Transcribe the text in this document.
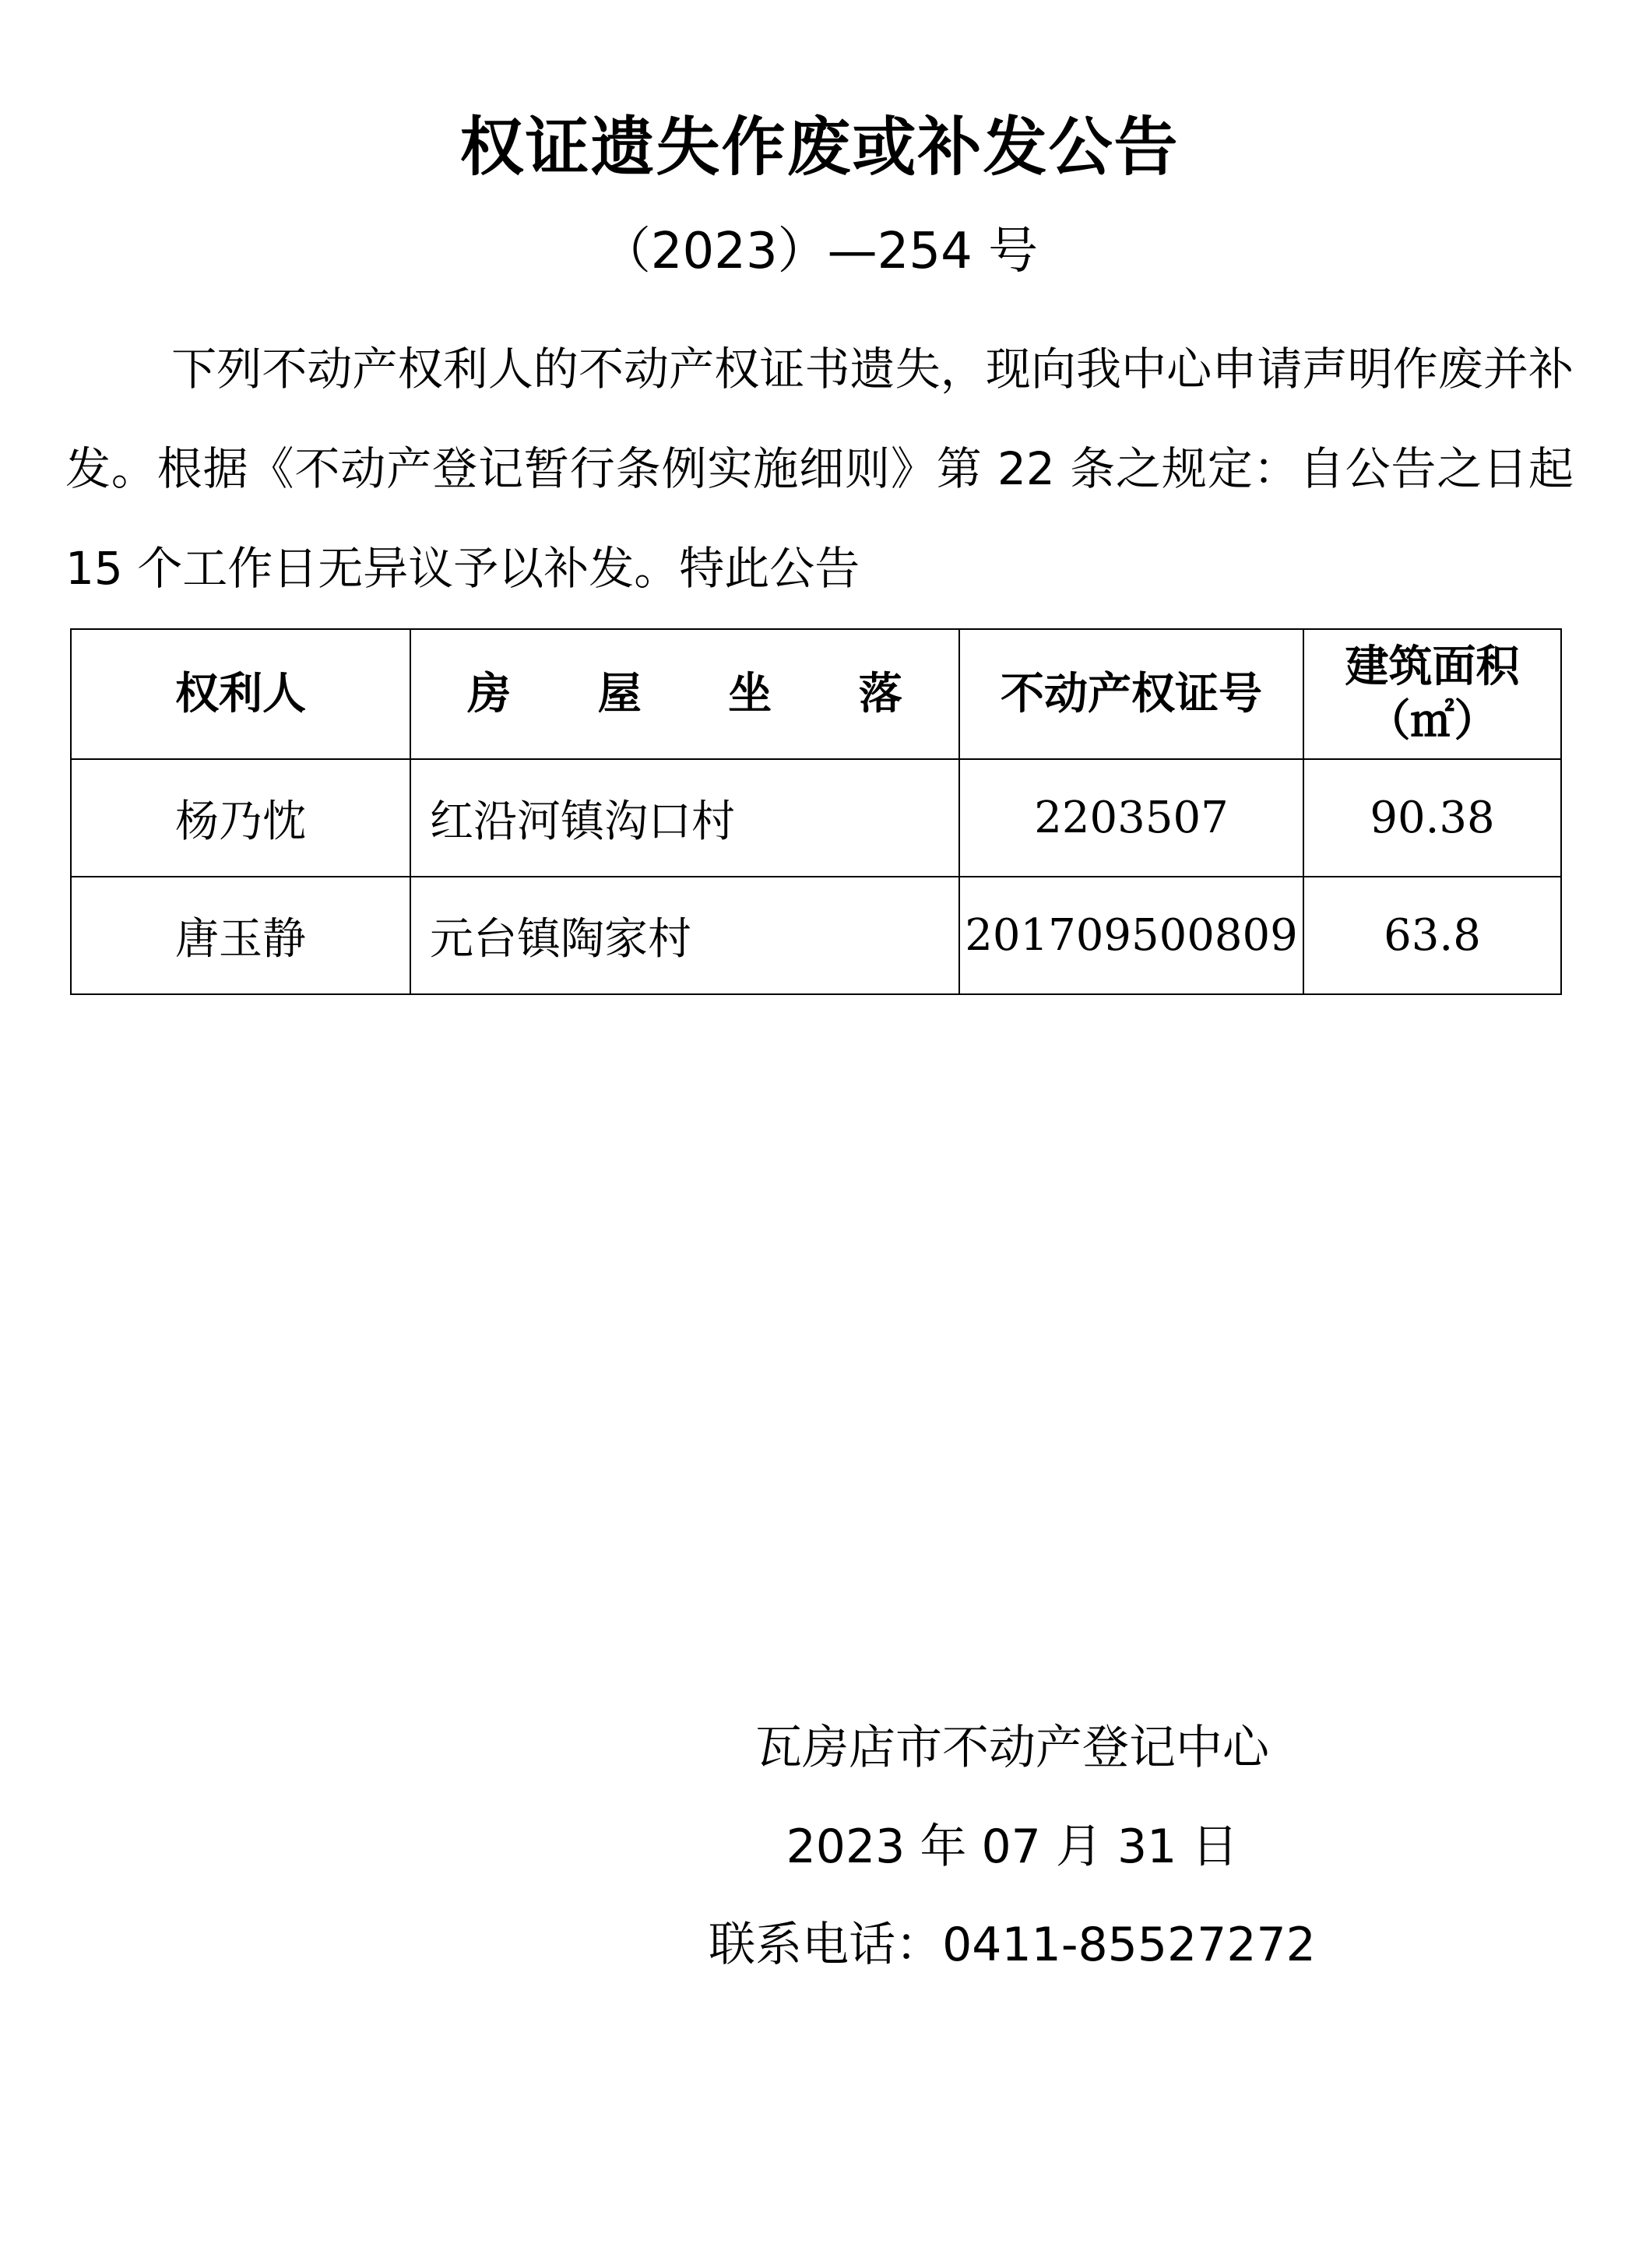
权证遗失作废或补发公告
（2023）—254 号
下列不动产权利人的不动产权证书遗失，现向我中心申请声明作废并补发。根据《不动产登记暂行条例实施细则》第 22 条之规定：自公告之日起 15 个工作日无异议予以补发。特此公告
权利人	房 屋 坐 落	不动产权证号	建筑面积
（㎡）

杨乃忱	红沿河镇沟口村	2203507	90.38
唐玉静	元台镇陶家村	201709500809	63.8
瓦房店市不动产登记中心
2023 年 07 月 31 日
联系电话：0411-85527272
